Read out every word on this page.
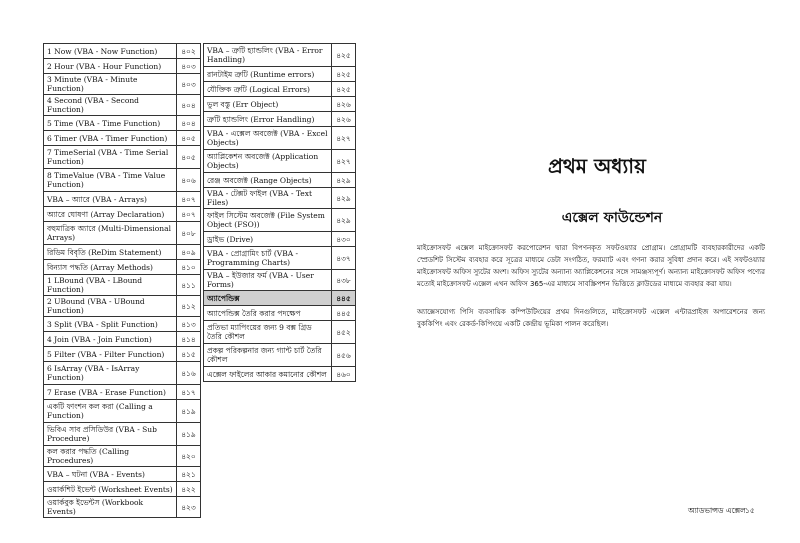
1 Now (VBA - Now Function)	৪০২
2 Hour (VBA - Hour Function)	৪০৩
3 Minute (VBA - Minute Function)	৪০৩
4 Second (VBA - Second Function)	৪০৪
5 Time (VBA - Time Function)	৪০৪
6 Timer (VBA - Timer Function)	৪০৫
7 TimeSerial (VBA - Time Serial Function)	৪০৫
8 TimeValue (VBA - Time Value Function)	৪০৬
VBA – অ্যারে (VBA - Arrays)	৪০৭
অ্যারে ঘোষণা (Array Declaration)	৪০৭
বহুমাত্রিক অ্যারে (Multi-Dimensional Arrays)	৪০৮
রিডিম বিবৃতি (ReDim Statement)	৪০৯
বিন্যাস পদ্ধতি (Array Methods)	৪১০
1 LBound (VBA - LBound Function)	৪১১
2 UBound (VBA - UBound Function)	৪১২
3 Split (VBA - Split Function)	৪১৩
4 Join (VBA - Join Function)	৪১৪
5 Filter (VBA - Filter Function)	৪১৫
6 IsArray (VBA - IsArray Function)	৪১৬
7 Erase (VBA - Erase Function)	৪১৭
একটি ফাংশন কল করা (Calling a Function)	৪১৯
ভিবিএ সাব প্রসিডিউর (VBA - Sub Procedure)	৪১৯
কল করার পদ্ধতি (Calling Procedures)	৪২০
VBA – ঘটনা (VBA - Events)	৪২১
ওয়ার্কশিট ইভেন্ট (Worksheet Events)	৪২২
ওয়ার্কবুক ইভেন্টস (Workbook Events)	৪২৩
VBA – ত্রুটি হ্যান্ডলিং (VBA - Error Handling)	৪২৫
রানটাইম ত্রুটি (Runtime errors)	৪২৫
যৌক্তিক ত্রুটি (Logical Errors)	৪২৫
ভুল বস্তু (Err Object)	৪২৬
ত্রুটি হ্যান্ডলিং (Error Handling)	৪২৬
VBA - এক্সেল অবজেক্ট (VBA - Excel Objects)	৪২৭
অ্যাপ্লিকেশন অবজেক্ট (Application Objects)	৪২৭
রেঞ্জ অবজেক্ট (Range Objects)	৪২৯
VBA - টেক্সট ফাইল (VBA - Text Files)	৪২৯
ফাইল সিস্টেম অবজেক্ট (File System Object (FSO))	৪২৯
ড্রাইভ (Drive)	৪৩০
VBA - প্রোগ্রামিং চার্ট (VBA - Programming Charts)	৪৩৭
VBA – ইউজার ফর্ম (VBA - User Forms)	৪৩৮
অ্যাপেন্ডিক্স	৪৪৫
অ্যাপেন্ডিক্স তৈরি করার পদক্ষেপ	৪৪৫
প্রতিভা ম্যাপিংয়ের জন্য 9 বক্স গ্রিড তৈরি কৌশল	৪৫২
প্রকল্প পরিকল্পনার জন্য গ্যান্ট চার্ট তৈরি কৌশল	৪৫৬
এক্সেল ফাইলের আকার কমানোর কৌশল	৪৬০
প্রথম অধ্যায়
এক্সেল ফাউন্ডেশন

মাইক্রোসফট এক্সেল মাইক্রোসফট করপোরেশন দ্বারা বিপণনকৃত সফটওয়্যার প্রোগ্রাম। প্রোগ্রামটি ব্যবহারকারীদের একটি স্প্রেডশিট সিস্টেম ব্যবহার করে সূত্রের মাধ্যমে ডেটা সংগঠিত, ফরম্যাট এবং গণনা করার সুবিধা প্রদান করে। এই সফটওয়্যার মাইক্রোসফট অফিস স্যুটের অংশ। অফিস স্যুটের অন্যান্য অ্যাপ্লিকেশনের সঙ্গে সামঞ্জস্যপূর্ণ। অন্যান্য মাইক্রোসফট অফিস পণ্যের মতোই মাইক্রোসফট এক্সেল এখন অফিস 365-এর মাধ্যমে সাবস্ক্রিপশন ভিত্তিতে ক্লাউডের মাধ্যমে ব্যবহার করা যায়।

অ্যাক্সেসযোগ্য পিসি ব্যবসায়িক কম্পিউটিংয়ের প্রথম দিনগুলিতে, মাইক্রোসফট এক্সেল এন্টারপ্রাইজ অপারেশনের জন্য বুককিপিং এবং রেকর্ড-কিপিংয়ে একটি কেন্দ্রীয় ভূমিকা পালন করেছিল।

অ্যাডভান্সড এক্সেল ১৫
